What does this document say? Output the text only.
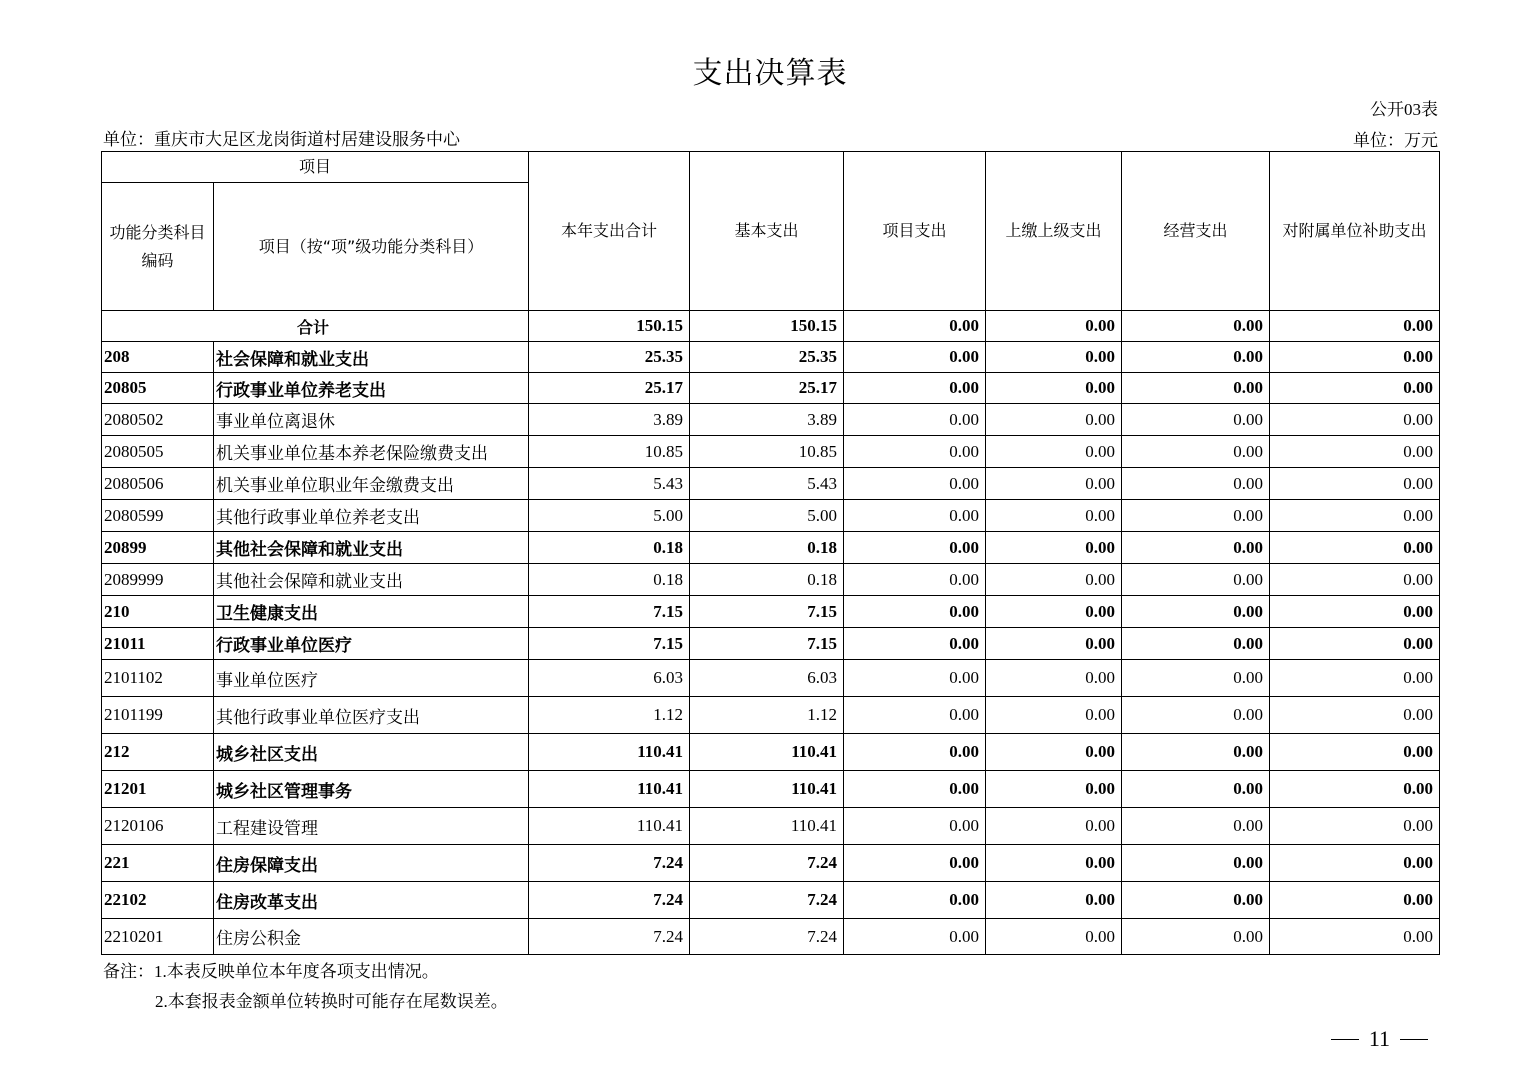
支出决算表
公开03表
单位：重庆市大足区龙岗街道村居建设服务中心	单位：万元
项目		本年支出合计	基本支出	项目支出	上缴上级支出	经营支出	对附属单位补助支出
功能分类科目编码	项目（按“项”级功能分类科目）						
合计		150.15	150.15	0.00	0.00	0.00	0.00
208	社会保障和就业支出	25.35	25.35	0.00	0.00	0.00	0.00
20805	行政事业单位养老支出	25.17	25.17	0.00	0.00	0.00	0.00
2080502	事业单位离退休	3.89	3.89	0.00	0.00	0.00	0.00
2080505	机关事业单位基本养老保险缴费支出	10.85	10.85	0.00	0.00	0.00	0.00
2080506	机关事业单位职业年金缴费支出	5.43	5.43	0.00	0.00	0.00	0.00
2080599	其他行政事业单位养老支出	5.00	5.00	0.00	0.00	0.00	0.00
20899	其他社会保障和就业支出	0.18	0.18	0.00	0.00	0.00	0.00
2089999	其他社会保障和就业支出	0.18	0.18	0.00	0.00	0.00	0.00
210	卫生健康支出	7.15	7.15	0.00	0.00	0.00	0.00
21011	行政事业单位医疗	7.15	7.15	0.00	0.00	0.00	0.00
2101102	事业单位医疗	6.03	6.03	0.00	0.00	0.00	0.00
2101199	其他行政事业单位医疗支出	1.12	1.12	0.00	0.00	0.00	0.00
212	城乡社区支出	110.41	110.41	0.00	0.00	0.00	0.00
21201	城乡社区管理事务	110.41	110.41	0.00	0.00	0.00	0.00
2120106	工程建设管理	110.41	110.41	0.00	0.00	0.00	0.00
221	住房保障支出	7.24	7.24	0.00	0.00	0.00	0.00
22102	住房改革支出	7.24	7.24	0.00	0.00	0.00	0.00
2210201	住房公积金	7.24	7.24	0.00	0.00	0.00	0.00
备注：1.本表反映单位本年度各项支出情况。
2.本套报表金额单位转换时可能存在尾数误差。
11
